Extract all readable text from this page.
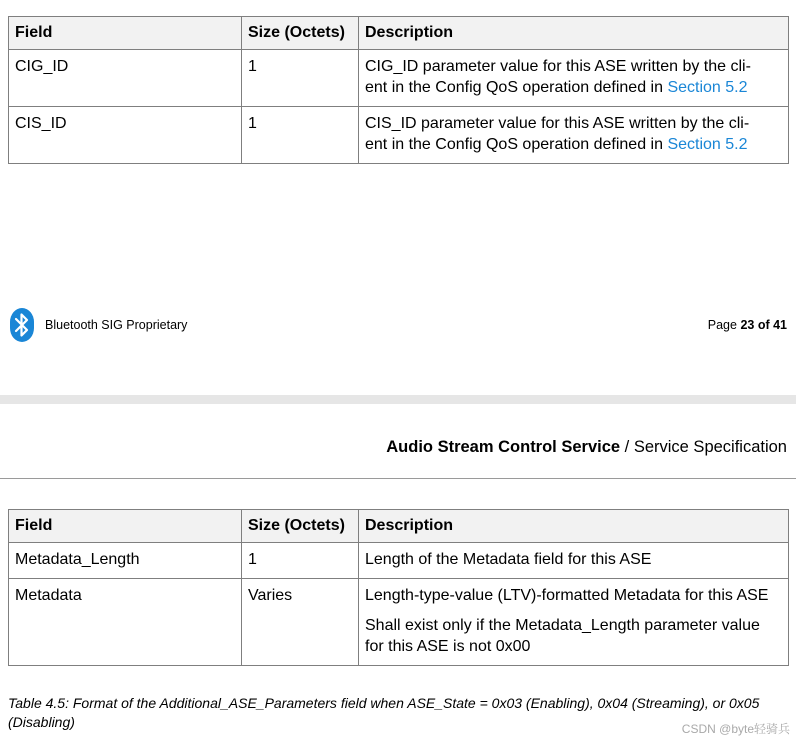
Field	Size (Octets)	Description
CIG_ID	1	CIG_ID parameter value for this ASE written by the cli-
ent in the Config QoS operation defined in Section 5.2
CIS_ID	1	CIS_ID parameter value for this ASE written by the cli-
ent in the Config QoS operation defined in Section 5.2
Bluetooth SIG Proprietary	Page 23 of 41
Audio Stream Control Service / Service Specification
Field	Size (Octets)	Description
Metadata_Length	1	Length of the Metadata field for this ASE
Metadata	Varies	Length-type-value (LTV)-formatted Metadata for this ASE
Shall exist only if the Metadata_Length parameter value for this ASE is not 0x00
Table 4.5: Format of the Additional_ASE_Parameters field when ASE_State = 0x03 (Enabling), 0x04 (Streaming), or 0x05 (Disabling)	CSDN @byte轻骑兵
